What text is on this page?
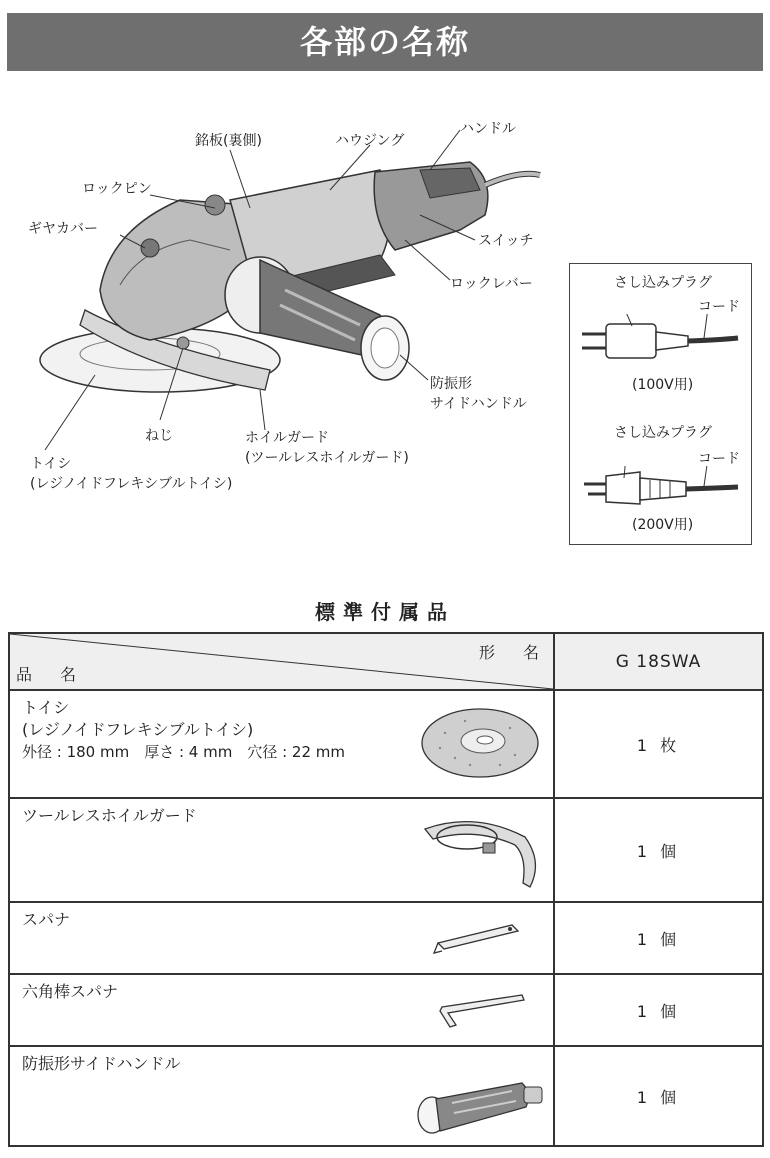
各部の名称
銘板(裏側)	ハウジング
ハンドル
ロックピン
ギヤカバー
スイッチ
ロックレバー
防振形
サイドハンドル
ねじ	ホイルガード
(ツールレスホイルガード)
トイシ
(レジノイドフレキシブルトイシ)
さし込みプラグ
コード
(100V用)
さし込みプラグ
コード
(200V用)
標準付属品
形　名
品　名	G 18SWA

トイシ
(レジノイドフレキシブルトイシ)
外径 : 180 mm　厚さ : 4 mm　穴径 : 22 mm	1 枚

ツールレスホイルガード	1 個

スパナ	1 個

六角棒スパナ	1 個

防振形サイドハンドル	1 個
